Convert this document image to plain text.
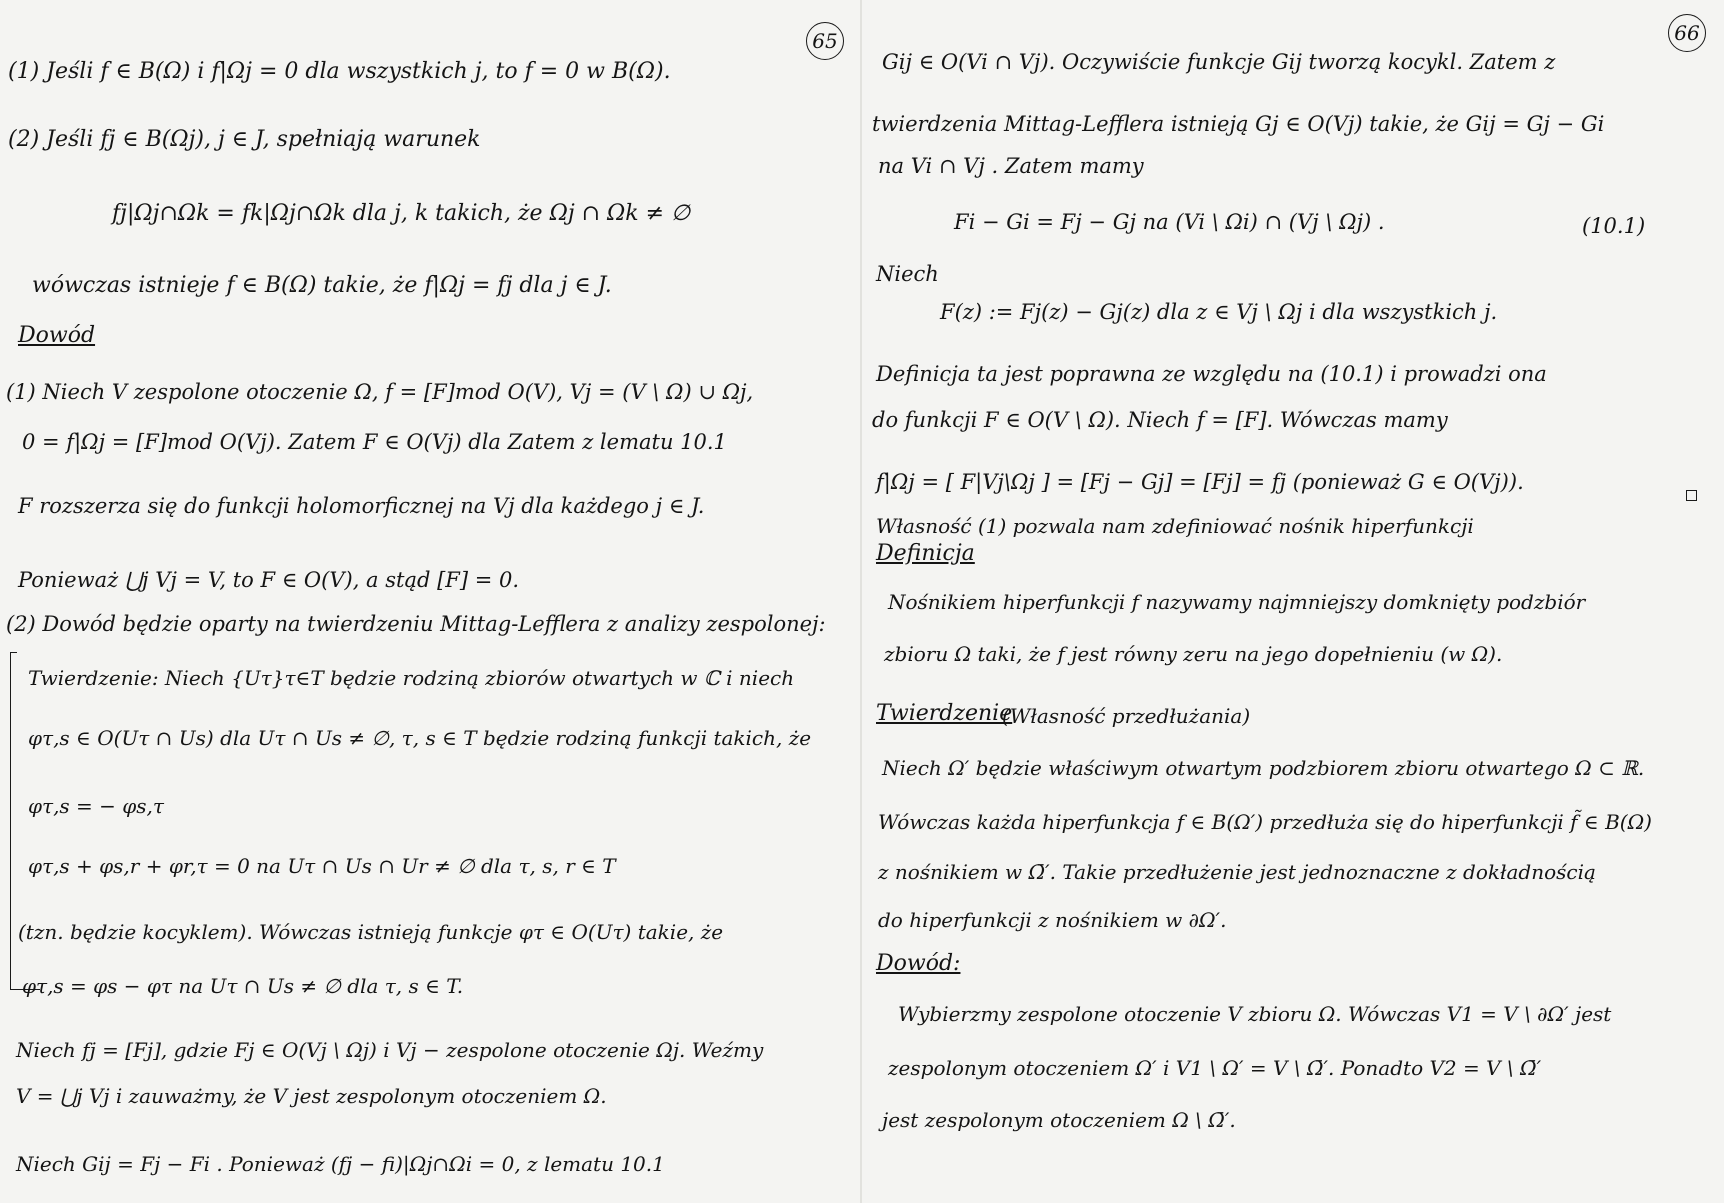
65
(1) Jeśli f ∈ B(Ω) i f|Ωj = 0 dla wszystkich j, to f = 0 w B(Ω).
(2) Jeśli fj ∈ B(Ωj), j ∈ J, spełniają warunek
fj|Ωj∩Ωk = fk|Ωj∩Ωk dla j, k takich, że Ωj ∩ Ωk ≠ ∅
wówczas istnieje f ∈ B(Ω) takie, że f|Ωj = fj dla j ∈ J.
Dowód
(1) Niech V zespolone otoczenie Ω, f = [F]mod O(V), Vj = (V \ Ω) ∪ Ωj,
0 = f|Ωj = [F]mod O(Vj). Zatem F ∈ O(Vj) dla Zatem z lematu 10.1
F rozszerza się do funkcji holomorficznej na Vj dla każdego j ∈ J.
Ponieważ ⋃j Vj = V, to F ∈ O(V), a stąd [F] = 0.
(2) Dowód będzie oparty na twierdzeniu Mittag-Lefflera z analizy zespolonej:
Twierdzenie: Niech {Uτ}τ∈T będzie rodziną zbiorów otwartych w ℂ i niech
φτ,s ∈ O(Uτ ∩ Us) dla Uτ ∩ Us ≠ ∅, τ, s ∈ T będzie rodziną funkcji takich, że
φτ,s = − φs,τ
φτ,s + φs,r + φr,τ = 0 na Uτ ∩ Us ∩ Ur ≠ ∅ dla τ, s, r ∈ T
(tzn. będzie kocyklem). Wówczas istnieją funkcje φτ ∈ O(Uτ) takie, że
φτ,s = φs − φτ na Uτ ∩ Us ≠ ∅ dla τ, s ∈ T.
Niech fj = [Fj], gdzie Fj ∈ O(Vj \ Ωj) i Vj − zespolone otoczenie Ωj. Weźmy
V = ⋃j Vj i zauważmy, że V jest zespolonym otoczeniem Ω.
Niech Gij = Fj − Fi . Ponieważ (fj − fi)|Ωj∩Ωi = 0, z lematu 10.1
66
Gij ∈ O(Vi ∩ Vj). Oczywiście funkcje Gij tworzą kocykl. Zatem z
twierdzenia Mittag-Lefflera istnieją Gj ∈ O(Vj) takie, że Gij = Gj − Gi
na Vi ∩ Vj . Zatem mamy
Fi − Gi = Fj − Gj na (Vi \ Ωi) ∩ (Vj \ Ωj) .	(10.1)
Niech
F(z) := Fj(z) − Gj(z) dla z ∈ Vj \ Ωj i dla wszystkich j.
Definicja ta jest poprawna ze względu na (10.1) i prowadzi ona
do funkcji F ∈ O(V \ Ω). Niech f = [F]. Wówczas mamy
f|Ωj = [ F|Vj\Ωj ] = [Fj − Gj] = [Fj] = fj (ponieważ G ∈ O(Vj)).
Własność (1) pozwala nam zdefiniować nośnik hiperfunkcji
Definicja
Nośnikiem hiperfunkcji f nazywamy najmniejszy domknięty podzbiór
zbioru Ω taki, że f jest równy zeru na jego dopełnieniu (w Ω).
Twierdzenie
(Własność przedłużania)
Niech Ω′ będzie właściwym otwartym podzbiorem zbioru otwartego Ω ⊂ ℝ.
Wówczas każda hiperfunkcja f ∈ B(Ω′) przedłuża się do hiperfunkcji f̃ ∈ B(Ω)
z nośnikiem w Ω̄′. Takie przedłużenie jest jednoznaczne z dokładnością
do hiperfunkcji z nośnikiem w ∂Ω′.
Dowód:
Wybierzmy zespolone otoczenie V zbioru Ω. Wówczas V1 = V \ ∂Ω′ jest
zespolonym otoczeniem Ω′ i V1 \ Ω′ = V \ Ω̄′. Ponadto V2 = V \ Ω̄′
jest zespolonym otoczeniem Ω \ Ω̄′.
